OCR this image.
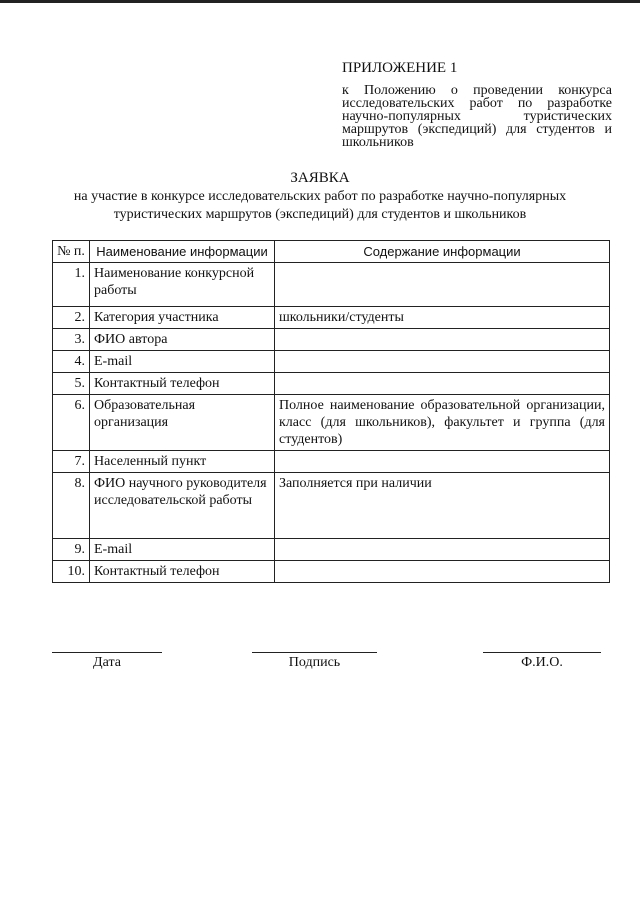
ПРИЛОЖЕНИЕ 1
к Положению о проведении конкурса исследовательских работ по разработке научно-популярных туристических маршрутов (экспедиций) для студентов и школьников
ЗАЯВКА
на участие в конкурсе исследовательских работ по разработке научно-популярных туристических маршрутов (экспедиций) для студентов и школьников
№ п.	Наименование информации	Содержание информации
1.	Наименование конкурсной работы	
2.	Категория участника	школьники/студенты
3.	ФИО автора	
4.	E-mail	
5.	Контактный телефон	
6.	Образовательная организация	Полное наименование образовательной организации, класс (для школьников), факультет и группа (для студентов)
7.	Населенный пункт	
8.	ФИО научного руководителя исследовательской работы	Заполняется при наличии
9.	E-mail	
10.	Контактный телефон	
Дата	Подпись	Ф.И.О.
